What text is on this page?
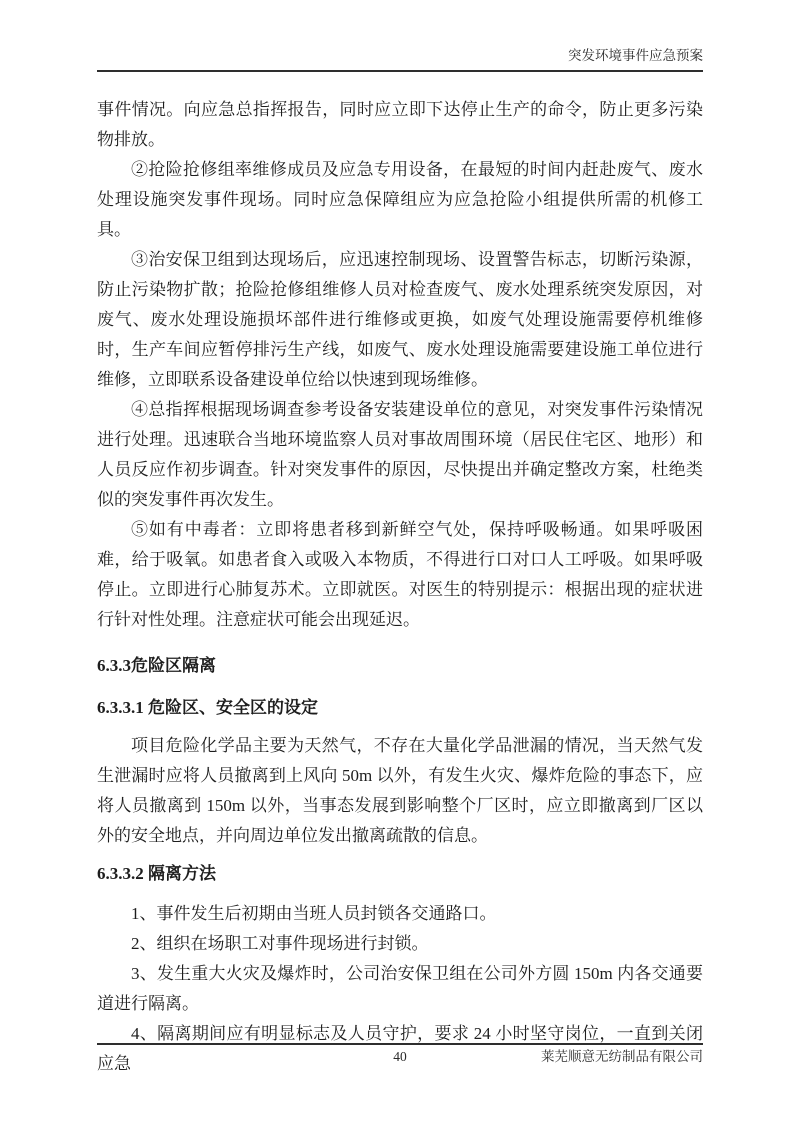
突发环境事件应急预案

事件情况。向应急总指挥报告，同时应立即下达停止生产的命令，防止更多污染物排放。

②抢险抢修组率维修成员及应急专用设备，在最短的时间内赶赴废气、废水处理设施突发事件现场。同时应急保障组应为应急抢险小组提供所需的机修工具。

③治安保卫组到达现场后，应迅速控制现场、设置警告标志，切断污染源，防止污染物扩散；抢险抢修组维修人员对检查废气、废水处理系统突发原因，对废气、废水处理设施损坏部件进行维修或更换，如废气处理设施需要停机维修时，生产车间应暂停排污生产线，如废气、废水处理设施需要建设施工单位进行维修，立即联系设备建设单位给以快速到现场维修。

④总指挥根据现场调查参考设备安装建设单位的意见，对突发事件污染情况进行处理。迅速联合当地环境监察人员对事故周围环境（居民住宅区、地形）和人员反应作初步调查。针对突发事件的原因，尽快提出并确定整改方案，杜绝类似的突发事件再次发生。

⑤如有中毒者：立即将患者移到新鲜空气处，保持呼吸畅通。如果呼吸困难，给于吸氧。如患者食入或吸入本物质，不得进行口对口人工呼吸。如果呼吸停止。立即进行心肺复苏术。立即就医。对医生的特别提示：根据出现的症状进行针对性处理。注意症状可能会出现延迟。

6.3.3危险区隔离
6.3.3.1 危险区、安全区的设定

项目危险化学品主要为天然气，不存在大量化学品泄漏的情况，当天然气发生泄漏时应将人员撤离到上风向 50m 以外，有发生火灾、爆炸危险的事态下，应将人员撤离到 150m 以外，当事态发展到影响整个厂区时，应立即撤离到厂区以外的安全地点，并向周边单位发出撤离疏散的信息。

6.3.3.2 隔离方法

1、事件发生后初期由当班人员封锁各交通路口。

2、组织在场职工对事件现场进行封锁。

3、发生重大火灾及爆炸时，公司治安保卫组在公司外方圆 150m 内各交通要道进行隔离。

4、隔离期间应有明显标志及人员守护，要求 24 小时坚守岗位，一直到关闭应急	40	莱芜顺意无纺制品有限公司
